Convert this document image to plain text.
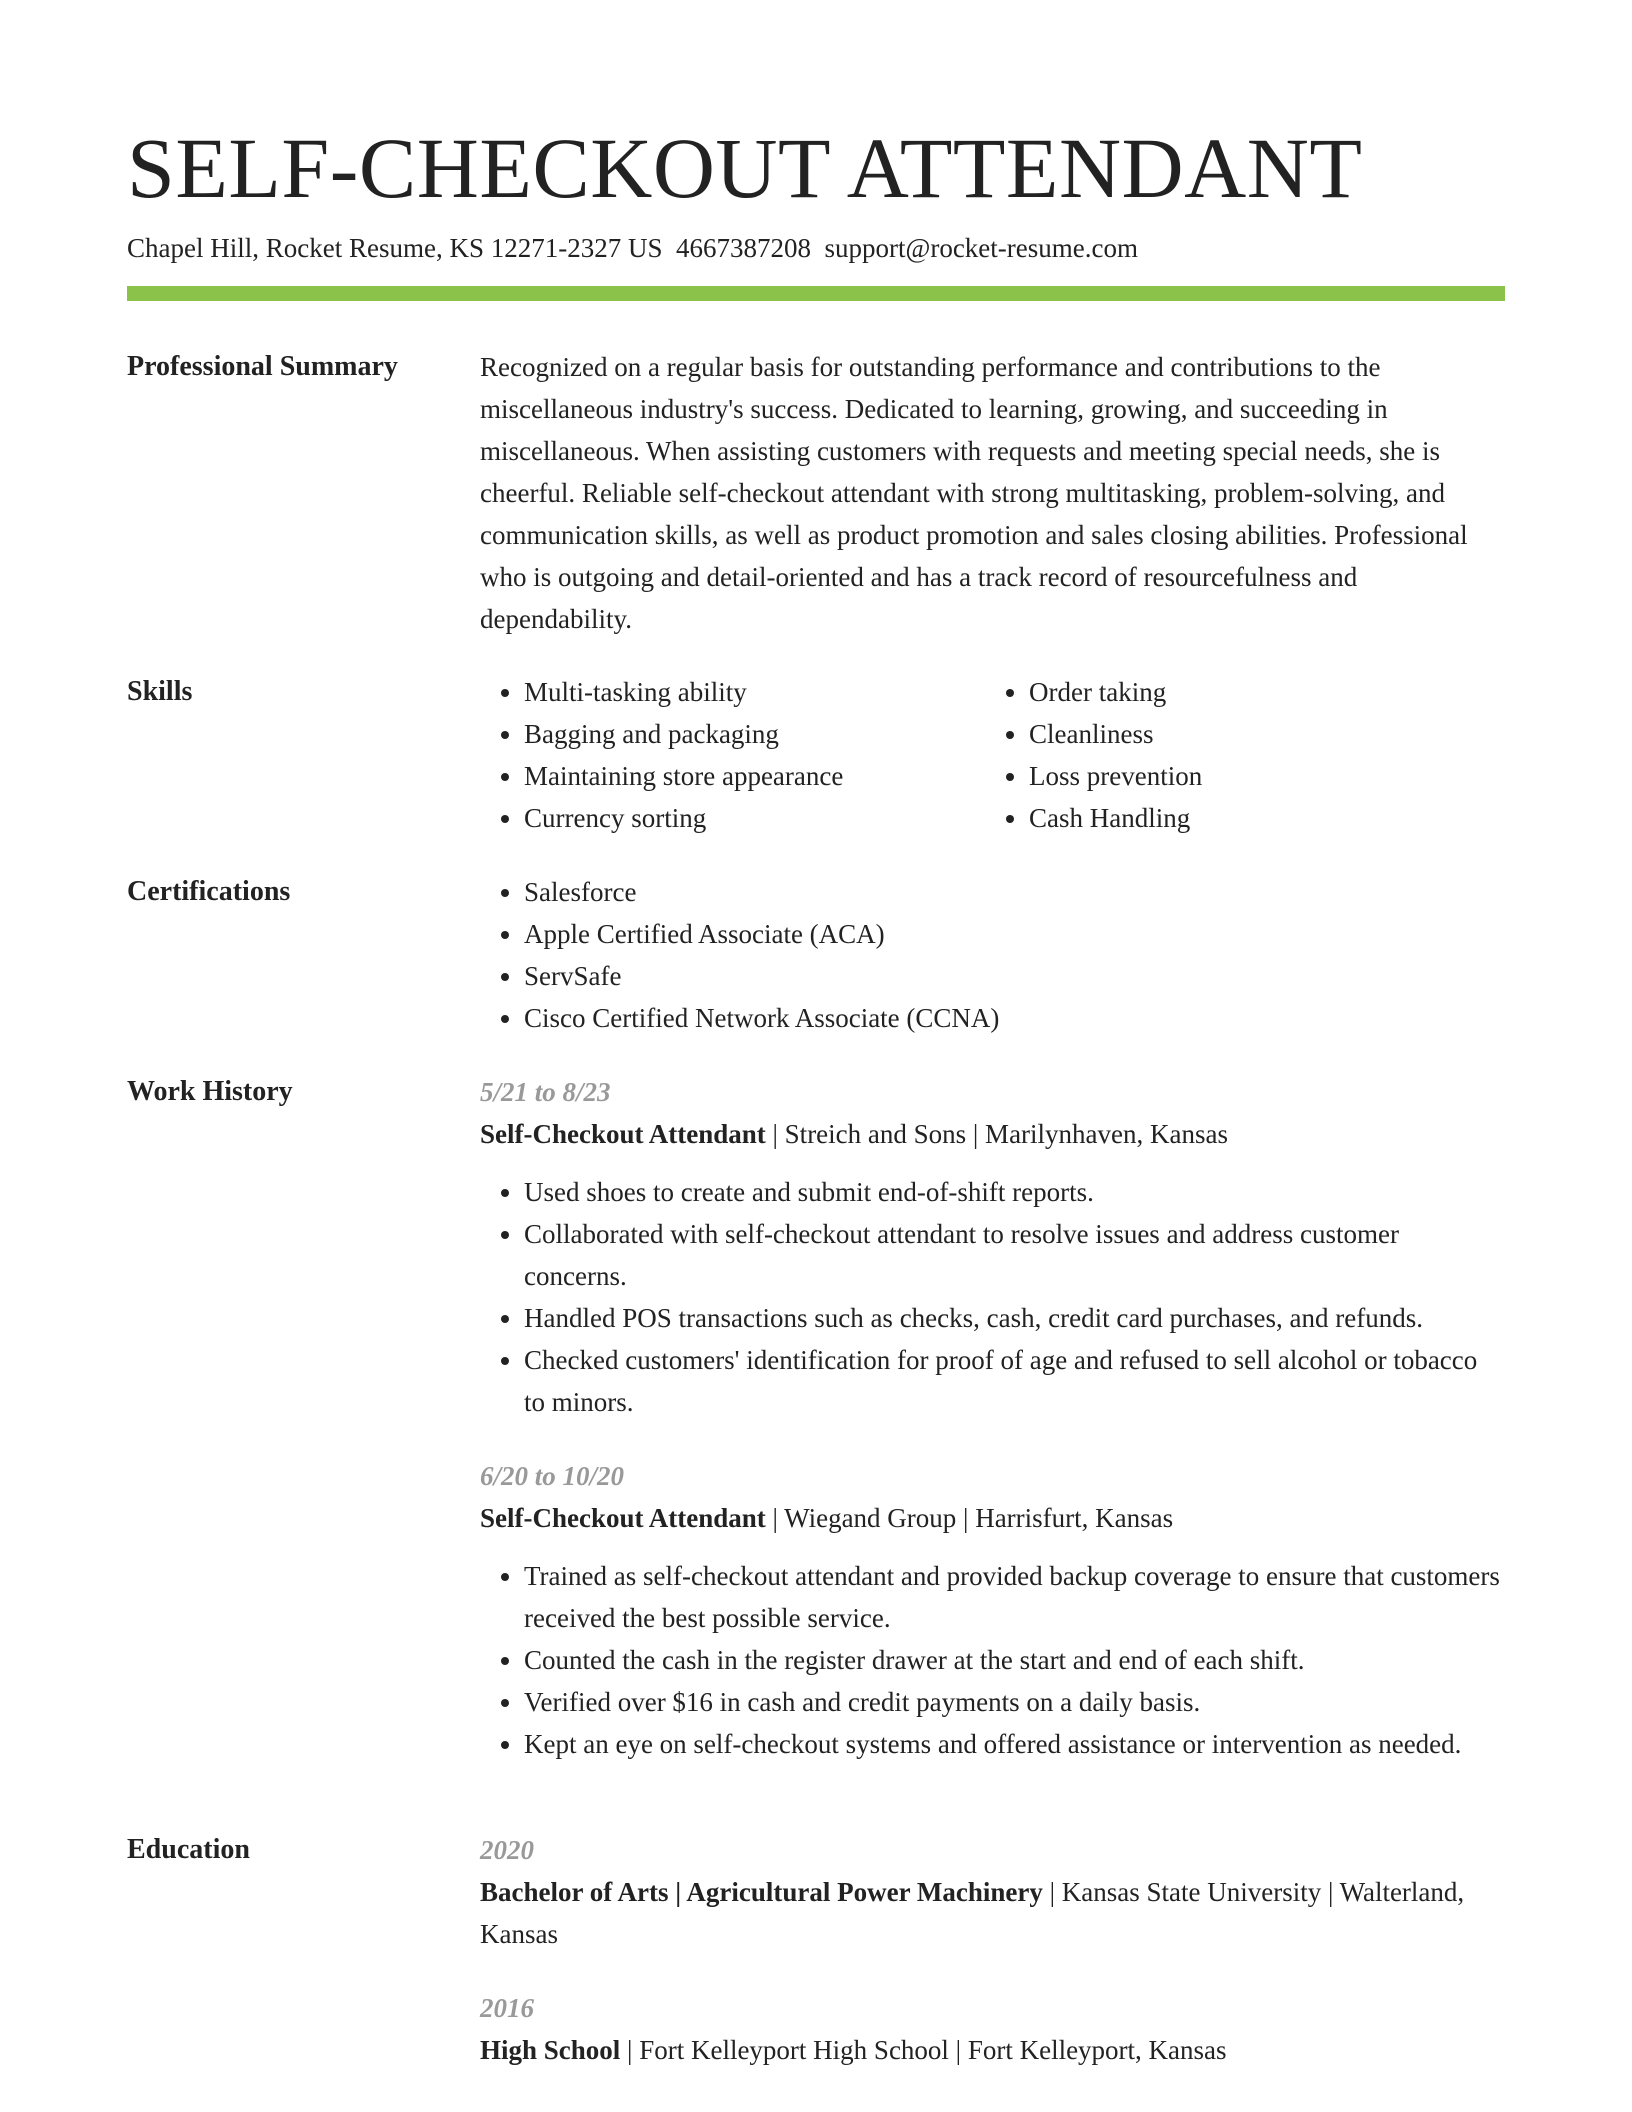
SELF-CHECKOUT ATTENDANT
Chapel Hill, Rocket Resume, KS 12271-2327 US 4667387208 support@rocket-resume.com
Professional Summary	Recognized on a regular basis for outstanding performance and contributions to the miscellaneous industry's success. Dedicated to learning, growing, and succeeding in miscellaneous. When assisting customers with requests and meeting special needs, she is cheerful. Reliable self-checkout attendant with strong multitasking, problem-solving, and communication skills, as well as product promotion and sales closing abilities. Professional who is outgoing and detail-oriented and has a track record of resourcefulness and dependability.

Skills	• Multi-tasking ability
• Bagging and packaging
• Maintaining store appearance
• Currency sorting
• Order taking
• Cleanliness
• Loss prevention
• Cash Handling
Certifications	• Salesforce
• Apple Certified Associate (ACA)
• ServSafe
• Cisco Certified Network Associate (CCNA)
Work History	5/21 to 8/23
Self-Checkout Attendant | Streich and Sons | Marilynhaven, Kansas
• Used shoes to create and submit end-of-shift reports.
• Collaborated with self-checkout attendant to resolve issues and address customer concerns.
• Handled POS transactions such as checks, cash, credit card purchases, and refunds.
• Checked customers' identification for proof of age and refused to sell alcohol or tobacco to minors.
6/20 to 10/20
Self-Checkout Attendant | Wiegand Group | Harrisfurt, Kansas
• Trained as self-checkout attendant and provided backup coverage to ensure that customers received the best possible service.
• Counted the cash in the register drawer at the start and end of each shift.
• Verified over $16 in cash and credit payments on a daily basis.
• Kept an eye on self-checkout systems and offered assistance or intervention as needed.
Education	2020
Bachelor of Arts | Agricultural Power Machinery | Kansas State University | Walterland, Kansas
2016
High School | Fort Kelleyport High School | Fort Kelleyport, Kansas
